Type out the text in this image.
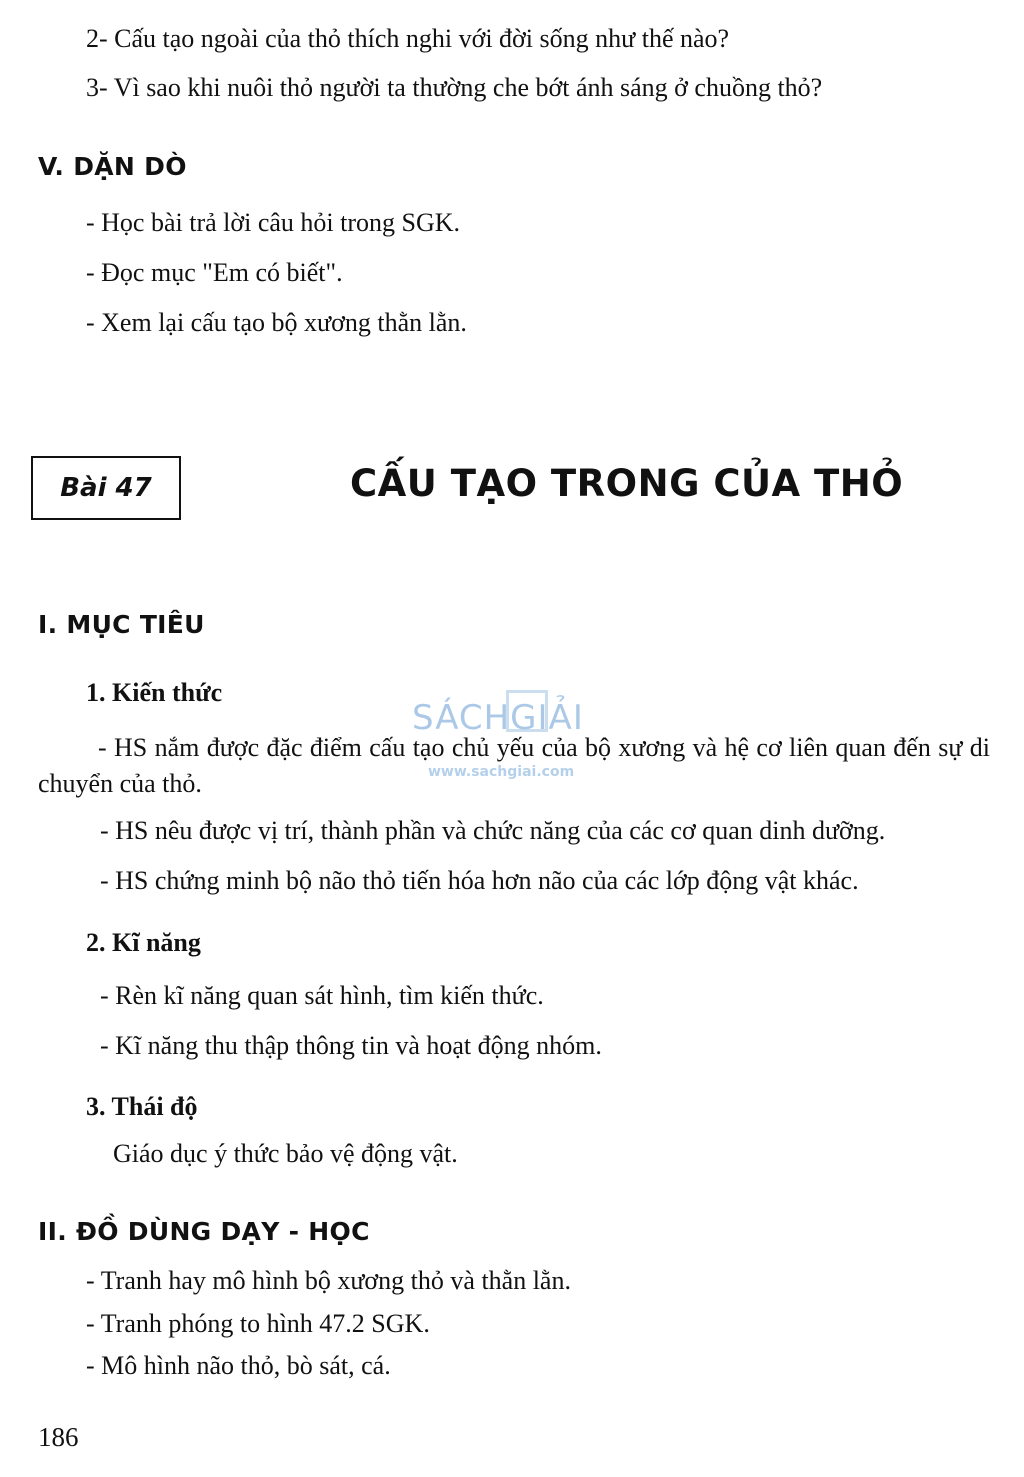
2- Cấu tạo ngoài của thỏ thích nghi với đời sống như thế nào?
3- Vì sao khi nuôi thỏ người ta thường che bớt ánh sáng ở chuồng thỏ?
V. DẶN DÒ
- Học bài trả lời câu hỏi trong SGK.
- Đọc mục "Em có biết".
- Xem lại cấu tạo bộ xương thằn lằn.
Bài 47	CẤU TẠO TRONG CỦA THỎ
SÁCHGIẢI
www.sachgiai.com
I. MỤC TIÊU
1. Kiến thức
- HS nắm được đặc điểm cấu tạo chủ yếu của bộ xương và hệ cơ liên quan đến sự di chuyển của thỏ.
- HS nêu được vị trí, thành phần và chức năng của các cơ quan dinh dưỡng.
- HS chứng minh bộ não thỏ tiến hóa hơn não của các lớp động vật khác.
2. Kĩ năng
- Rèn kĩ năng quan sát hình, tìm kiến thức.
- Kĩ năng thu thập thông tin và hoạt động nhóm.
3. Thái độ
Giáo dục ý thức bảo vệ động vật.
II. ĐỒ DÙNG DẠY - HỌC
- Tranh hay mô hình bộ xương thỏ và thằn lằn.
- Tranh phóng to hình 47.2 SGK.
- Mô hình não thỏ, bò sát, cá.
186
